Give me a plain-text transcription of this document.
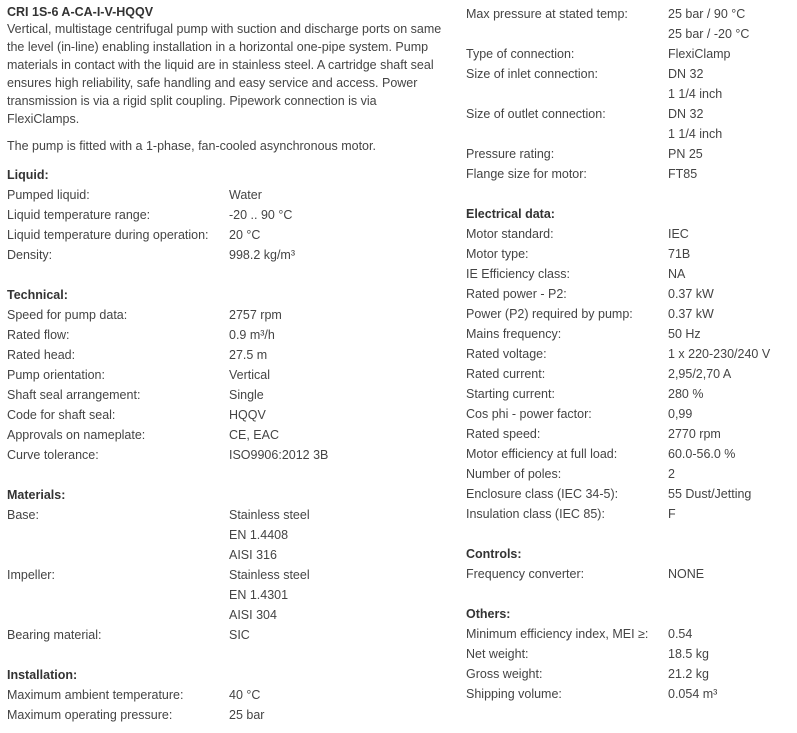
CRI 1S-6 A-CA-I-V-HQQV
Vertical, multistage centrifugal pump with suction and discharge ports on same the level (in-line) enabling installation in a horizontal one-pipe system. Pump materials in contact with the liquid are in stainless steel. A cartridge shaft seal ensures high reliability, safe handling and easy service and access. Power transmission is via a rigid split coupling. Pipework connection is via FlexiClamps.
The pump is fitted with a 1-phase, fan-cooled asynchronous motor.
Liquid:
Pumped liquid:	Water
Liquid temperature range:	-20 .. 90 °C
Liquid temperature during operation:	20 °C
Density:	998.2 kg/m³
Technical:
Speed for pump data:	2757 rpm
Rated flow:	0.9 m³/h
Rated head:	27.5 m
Pump orientation:	Vertical
Shaft seal arrangement:	Single
Code for shaft seal:	HQQV
Approvals on nameplate:	CE, EAC
Curve tolerance:	ISO9906:2012 3B
Materials:
Base:	Stainless steel
EN 1.4408
AISI 316
Impeller:	Stainless steel
EN 1.4301
AISI 304
Bearing material:	SIC
Installation:
Maximum ambient temperature:	40 °C
Maximum operating pressure:	25 bar
Max pressure at stated temp:	25 bar / 90 °C
25 bar / -20 °C
Type of connection:	FlexiClamp
Size of inlet connection:	DN 32
1 1/4 inch
Size of outlet connection:	DN 32
1 1/4 inch
Pressure rating:	PN 25
Flange size for motor:	FT85
Electrical data:
Motor standard:	IEC
Motor type:	71B
IE Efficiency class:	NA
Rated power - P2:	0.37 kW
Power (P2) required by pump:	0.37 kW
Mains frequency:	50 Hz
Rated voltage:	1 x 220-230/240 V
Rated current:	2,95/2,70 A
Starting current:	280 %
Cos phi - power factor:	0,99
Rated speed:	2770 rpm
Motor efficiency at full load:	60.0-56.0 %
Number of poles:	2
Enclosure class (IEC 34-5):	55 Dust/Jetting
Insulation class (IEC 85):	F
Controls:
Frequency converter:	NONE
Others:
Minimum efficiency index, MEI ≥:	0.54
Net weight:	18.5 kg
Gross weight:	21.2 kg
Shipping volume:	0.054 m³
